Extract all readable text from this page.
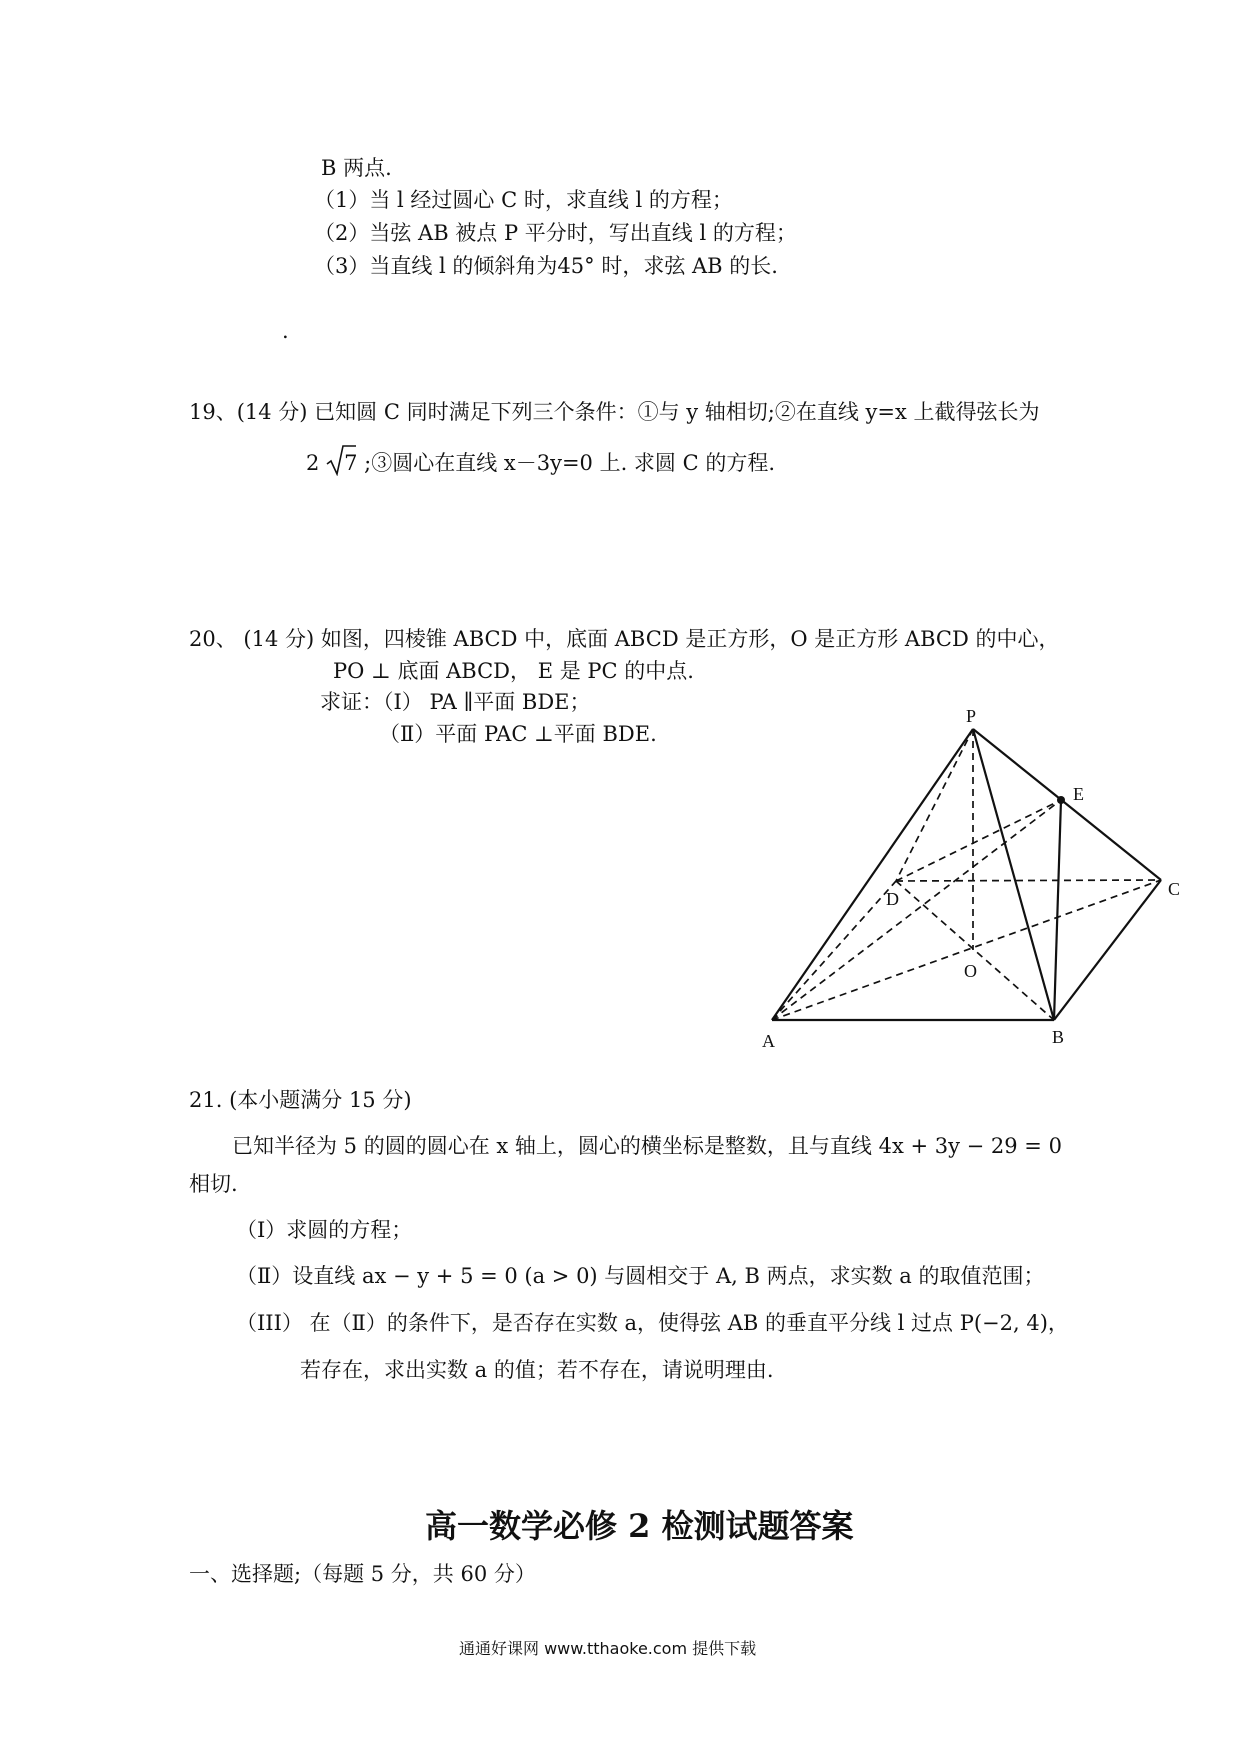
B 两点.
（1）当 l 经过圆心 C 时，求直线 l 的方程；
（2）当弦 AB 被点 P 平分时，写出直线 l 的方程；
（3）当直线 l 的倾斜角为45° 时，求弦 AB 的长.
.
19、(14 分) 已知圆 C 同时满足下列三个条件：①与 y 轴相切;②在直线 y=x 上截得弦长为
2 7 ;③圆心在直线 x－3y=0 上. 求圆 C 的方程.
20、 (14 分) 如图，四棱锥 ABCD 中，底面 ABCD 是正方形，O 是正方形 ABCD 的中心，
PO ⊥ 底面 ABCD， E 是 PC 的中点.
求证：（Ⅰ） PA ∥平面 BDE；
（Ⅱ）平面 PAC ⊥平面 BDE.
P
E
D	C
O
A	B
21. (本小题满分 15 分)
已知半径为 5 的圆的圆心在 x 轴上，圆心的横坐标是整数，且与直线 4x + 3y − 29 = 0
相切.
（Ⅰ）求圆的方程；
（Ⅱ）设直线 ax − y + 5 = 0 (a > 0) 与圆相交于 A, B 两点，求实数 a 的取值范围；
（III） 在（Ⅱ）的条件下，是否存在实数 a，使得弦 AB 的垂直平分线 l 过点 P(−2, 4)，
若存在，求出实数 a 的值；若不存在，请说明理由.
高一数学必修 2 检测试题答案
一、选择题;（每题 5 分，共 60 分）
通通好课网 www.tthaoke.com 提供下载
